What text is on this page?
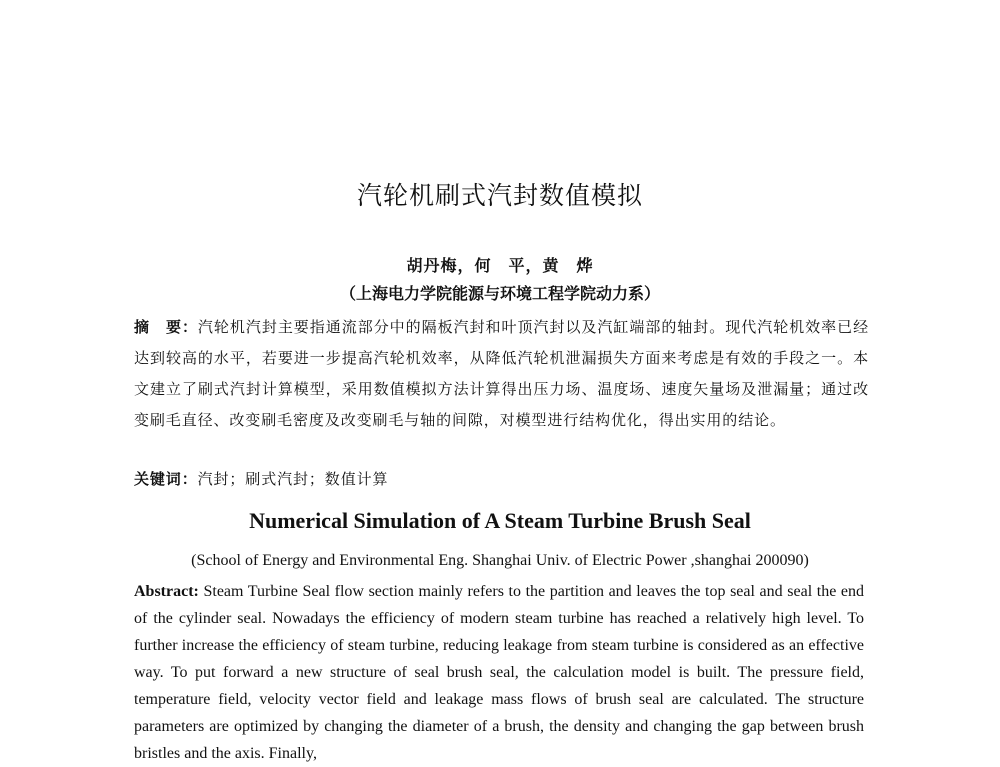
汽轮机刷式汽封数值模拟
胡丹梅，何　平，黄　烨
（上海电力学院能源与环境工程学院动力系）
摘　要：汽轮机汽封主要指通流部分中的隔板汽封和叶顶汽封以及汽缸端部的轴封。现代汽轮机效率已经达到较高的水平，若要进一步提高汽轮机效率，从降低汽轮机泄漏损失方面来考虑是有效的手段之一。本文建立了刷式汽封计算模型，采用数值模拟方法计算得出压力场、温度场、速度矢量场及泄漏量；通过改变刷毛直径、改变刷毛密度及改变刷毛与轴的间隙，对模型进行结构优化，得出实用的结论。
关键词：汽封；刷式汽封；数值计算
Numerical Simulation of A Steam Turbine Brush Seal
(School of Energy and Environmental Eng. Shanghai Univ. of Electric Power ,shanghai 200090)
Abstract: Steam Turbine Seal flow section mainly refers to the partition and leaves the top seal and seal the end of the cylinder seal. Nowadays the efficiency of modern steam turbine has reached a relatively high level. To further increase the efficiency of steam turbine, reducing leakage from steam turbine is considered as an effective way. To put forward a new structure of seal brush seal, the calculation model is built. The pressure field, temperature field, velocity vector field and leakage mass flows of brush seal are calculated. The structure parameters are optimized by changing the diameter of a brush, the density and changing the gap between brush bristles and the axis. Finally,
